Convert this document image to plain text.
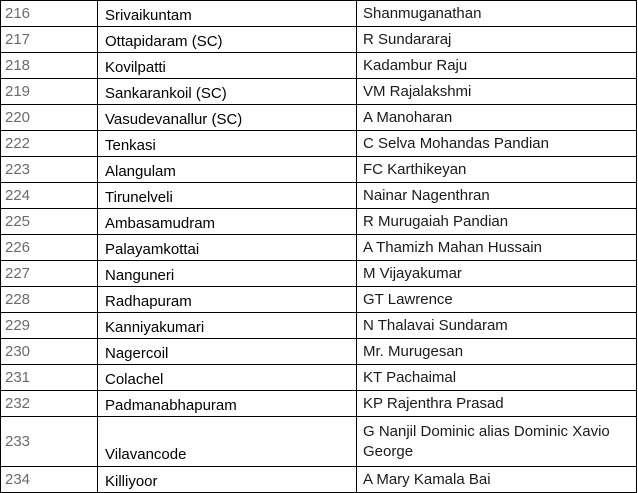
216	Srivaikuntam	Shanmuganathan
217	Ottapidaram (SC)	R Sundararaj
218	Kovilpatti	Kadambur Raju
219	Sankarankoil (SC)	VM Rajalakshmi
220	Vasudevanallur (SC)	A Manoharan
222	Tenkasi	C Selva Mohandas Pandian
223	Alangulam	FC Karthikeyan
224	Tirunelveli	Nainar Nagenthran
225	Ambasamudram	R Murugaiah Pandian
226	Palayamkottai	A Thamizh Mahan Hussain
227	Nanguneri	M Vijayakumar
228	Radhapuram	GT Lawrence
229	Kanniyakumari	N Thalavai Sundaram
230	Nagercoil	Mr. Murugesan
231	Colachel	KT Pachaimal
232	Padmanabhapuram	KP Rajenthra Prasad
233	Vilavancode	G Nanjil Dominic alias Dominic Xavio George
234	Killiyoor	A Mary Kamala Bai
